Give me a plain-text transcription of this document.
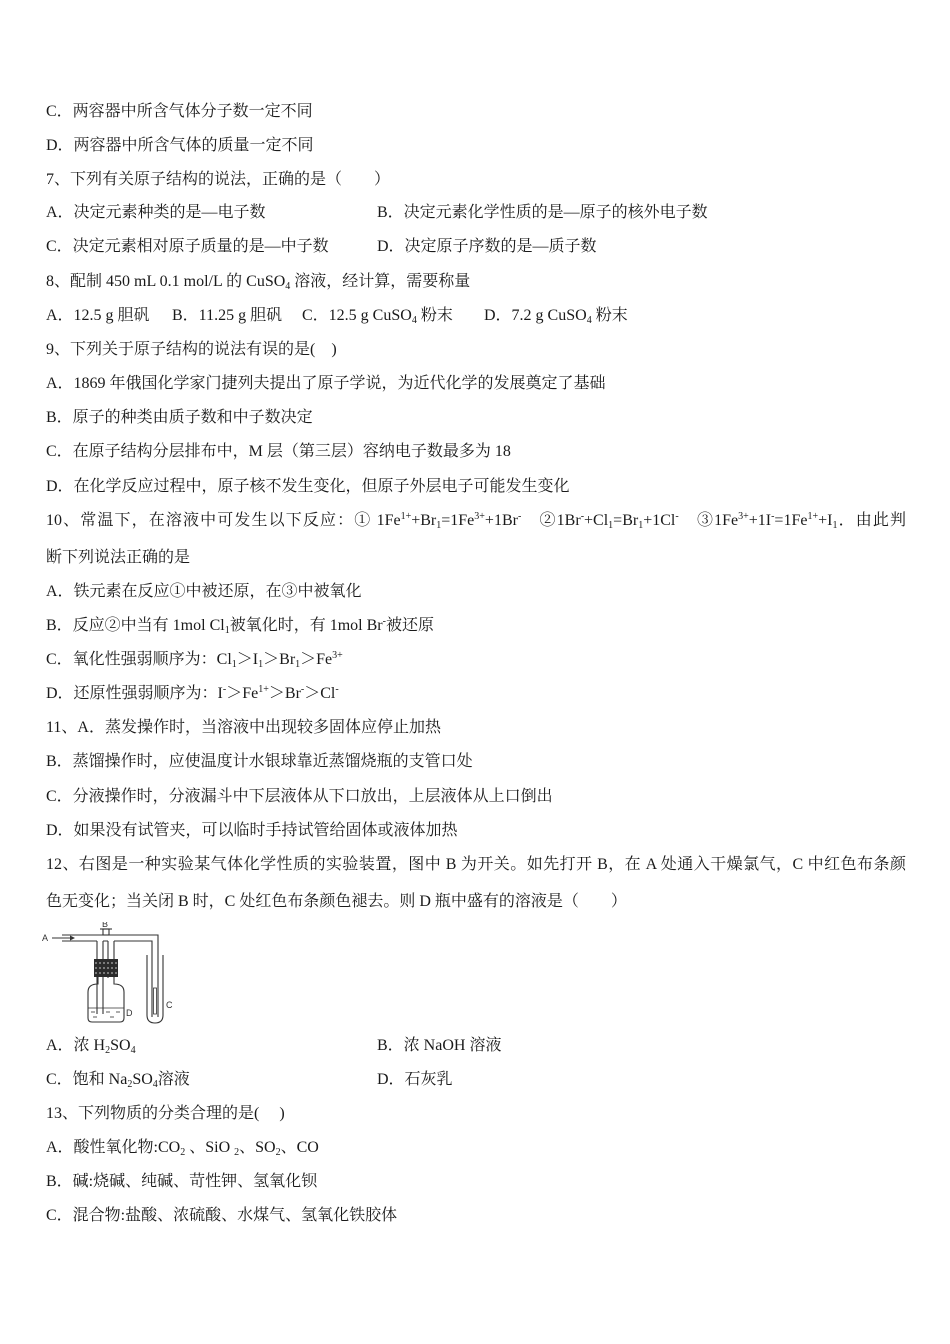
C．两容器中所含气体分子数一定不同
D．两容器中所含气体的质量一定不同
7、下列有关原子结构的说法，正确的是（　　）
A．决定元素种类的是—电子数	B．决定元素化学性质的是—原子的核外电子数
C．决定元素相对原子质量的是—中子数	D．决定原子序数的是—质子数
8、配制 450 mL 0.1 mol/L 的 CuSO$_4$ 溶液，经计算，需要称量
A．12.5 g 胆矾 B．11.25 g 胆矾 C．12.5 g CuSO$_4$ 粉末 D．7.2 g CuSO$_4$ 粉末
9、下列关于原子结构的说法有误的是(　)
A．1869 年俄国化学家门捷列夫提出了原子学说，为近代化学的发展奠定了基础
B．原子的种类由质子数和中子数决定
C．在原子结构分层排布中，M 层（第三层）容纳电子数最多为 18
D．在化学反应过程中，原子核不发生变化，但原子外层电子可能发生变化
10、常温下，在溶液中可发生以下反应：① $1Fe^{1+}+Br_1=1Fe^{3+}+1Br^-$　$②1Br^-+Cl_1=Br_1+1Cl^-$　$③1Fe^{3+}+1I^-=1Fe^{1+}+I_1$．由此判
断下列说法正确的是
A．铁元素在反应①中被还原，在③中被氧化
B．反应②中当有 1mol $Cl_1$被氧化时，有 1mol Br-被还原
C．氧化性强弱顺序为：$Cl_1>I_1>Br_1>Fe^{3+}$
D．还原性强弱顺序为：$I^->Fe^{1+}>Br^->Cl^-$
11、A．蒸发操作时，当溶液中出现较多固体应停止加热
B．蒸馏操作时，应使温度计水银球靠近蒸馏烧瓶的支管口处
C．分液操作时，分液漏斗中下层液体从下口放出，上层液体从上口倒出
D．如果没有试管夹，可以临时手持试管给固体或液体加热
12、右图是一种实验某气体化学性质的实验装置，图中 B 为开关。如先打开 B，在 A 处通入干燥氯气，C 中红色布条颜
色无变化；当关闭 B 时，C 处红色布条颜色褪去。则 D 瓶中盛有的溶液是（　　）
A
B
D
C
A．浓 $H_2SO_4$	B．浓 NaOH 溶液
C．饱和 $Na_2SO_4$溶液	D．石灰乳
13、下列物质的分类合理的是(　 )
A．酸性氧化物$:CO_2$ 、SiO $_2$、$SO_2$、CO
B．碱:烧碱、纯碱、苛性钾、氢氧化钡
C．混合物:盐酸、浓硫酸、水煤气、氢氧化铁胶体
